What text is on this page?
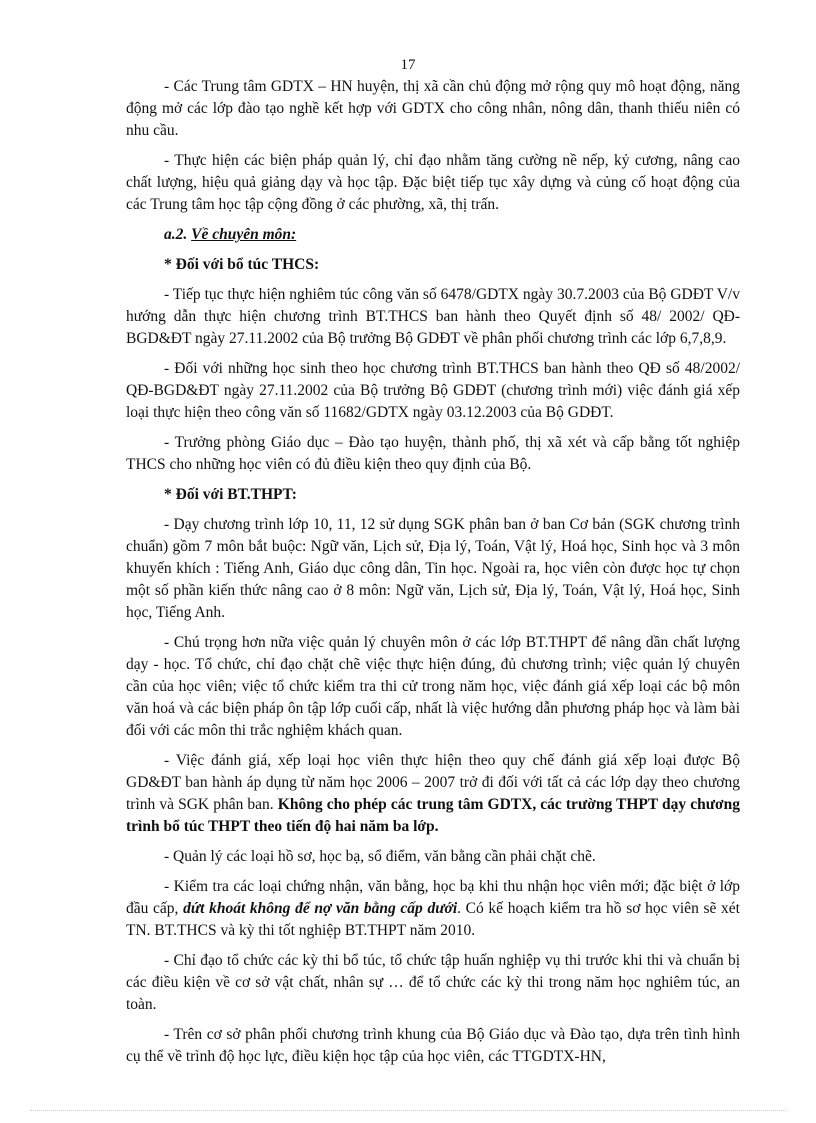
17

- Các Trung tâm GDTX – HN huyện, thị xã cần chủ động mở rộng quy mô hoạt động, năng động mở các lớp đào tạo nghề kết hợp với GDTX cho công nhân, nông dân, thanh thiếu niên có nhu cầu.

- Thực hiện các biện pháp quản lý, chỉ đạo nhằm tăng cường nề nếp, kỷ cương, nâng cao chất lượng, hiệu quả giảng dạy và học tập. Đặc biệt tiếp tục xây dựng và củng cố hoạt động của các Trung tâm học tập cộng đồng ở các phường, xã, thị trấn.

a.2. Về chuyên môn:

* Đối với bổ túc THCS:

- Tiếp tục thực hiện nghiêm túc công văn số 6478/GDTX ngày 30.7.2003 của Bộ GDĐT V/v hướng dẫn thực hiện chương trình BT.THCS ban hành theo Quyết định số 48/ 2002/ QĐ-BGD&ĐT ngày 27.11.2002 của Bộ trưởng Bộ GDĐT về phân phối chương trình các lớp 6,7,8,9.

- Đối với những học sinh theo học chương trình BT.THCS ban hành theo QĐ số 48/2002/ QĐ-BGD&ĐT ngày 27.11.2002 của Bộ trưởng Bộ GDĐT (chương trình mới) việc đánh giá xếp loại thực hiện theo công văn số 11682/GDTX ngày 03.12.2003 của Bộ GDĐT.

- Trưởng phòng Giáo dục – Đào tạo huyện, thành phố, thị xã xét và cấp bằng tốt nghiệp THCS cho những học viên có đủ điều kiện theo quy định của Bộ.

* Đối với BT.THPT:

- Dạy chương trình lớp 10, 11, 12 sử dụng SGK phân ban ở ban Cơ bản (SGK chương trình chuẩn) gồm 7 môn bắt buộc: Ngữ văn, Lịch sử, Địa lý, Toán, Vật lý, Hoá học, Sinh học và 3 môn khuyến khích : Tiếng Anh, Giáo dục công dân, Tin học. Ngoài ra, học viên còn được học tự chọn một số phần kiến thức nâng cao ở 8 môn: Ngữ văn, Lịch sử, Địa lý, Toán, Vật lý, Hoá học, Sinh học, Tiếng Anh.

- Chú trọng hơn nữa việc quản lý chuyên môn ở các lớp BT.THPT để nâng dần chất lượng dạy - học. Tổ chức, chỉ đạo chặt chẽ việc thực hiện đúng, đủ chương trình; việc quản lý chuyên cần của học viên; việc tổ chức kiểm tra thi cử trong năm học, việc đánh giá xếp loại các bộ môn văn hoá và các biện pháp ôn tập lớp cuối cấp, nhất là việc hướng dẫn phương pháp học và làm bài đối với các môn thi trắc nghiệm khách quan.

- Việc đánh giá, xếp loại học viên thực hiện theo quy chế đánh giá xếp loại được Bộ GD&ĐT ban hành áp dụng từ năm học 2006 – 2007 trở đi đối với tất cả các lớp dạy theo chương trình và SGK phân ban. Không cho phép các trung tâm GDTX, các trường THPT dạy chương trình bổ túc THPT theo tiến độ hai năm ba lớp.

- Quản lý các loại hồ sơ, học bạ, sổ điểm, văn bằng cần phải chặt chẽ.

- Kiểm tra các loại chứng nhận, văn bằng, học bạ khi thu nhận học viên mới; đặc biệt ở lớp đầu cấp, dứt khoát không để nợ văn bằng cấp dưới. Có kế hoạch kiểm tra hồ sơ học viên sẽ xét TN. BT.THCS và kỳ thi tốt nghiệp BT.THPT năm 2010.

- Chỉ đạo tổ chức các kỳ thi bổ túc, tổ chức tập huấn nghiệp vụ thi trước khi thi và chuẩn bị các điều kiện về cơ sở vật chất, nhân sự … để tổ chức các kỳ thi trong năm học nghiêm túc, an toàn.

- Trên cơ sở phân phối chương trình khung của Bộ Giáo dục và Đào tạo, dựa trên tình hình cụ thể về trình độ học lực, điều kiện học tập của học viên, các TTGDTX-HN,
